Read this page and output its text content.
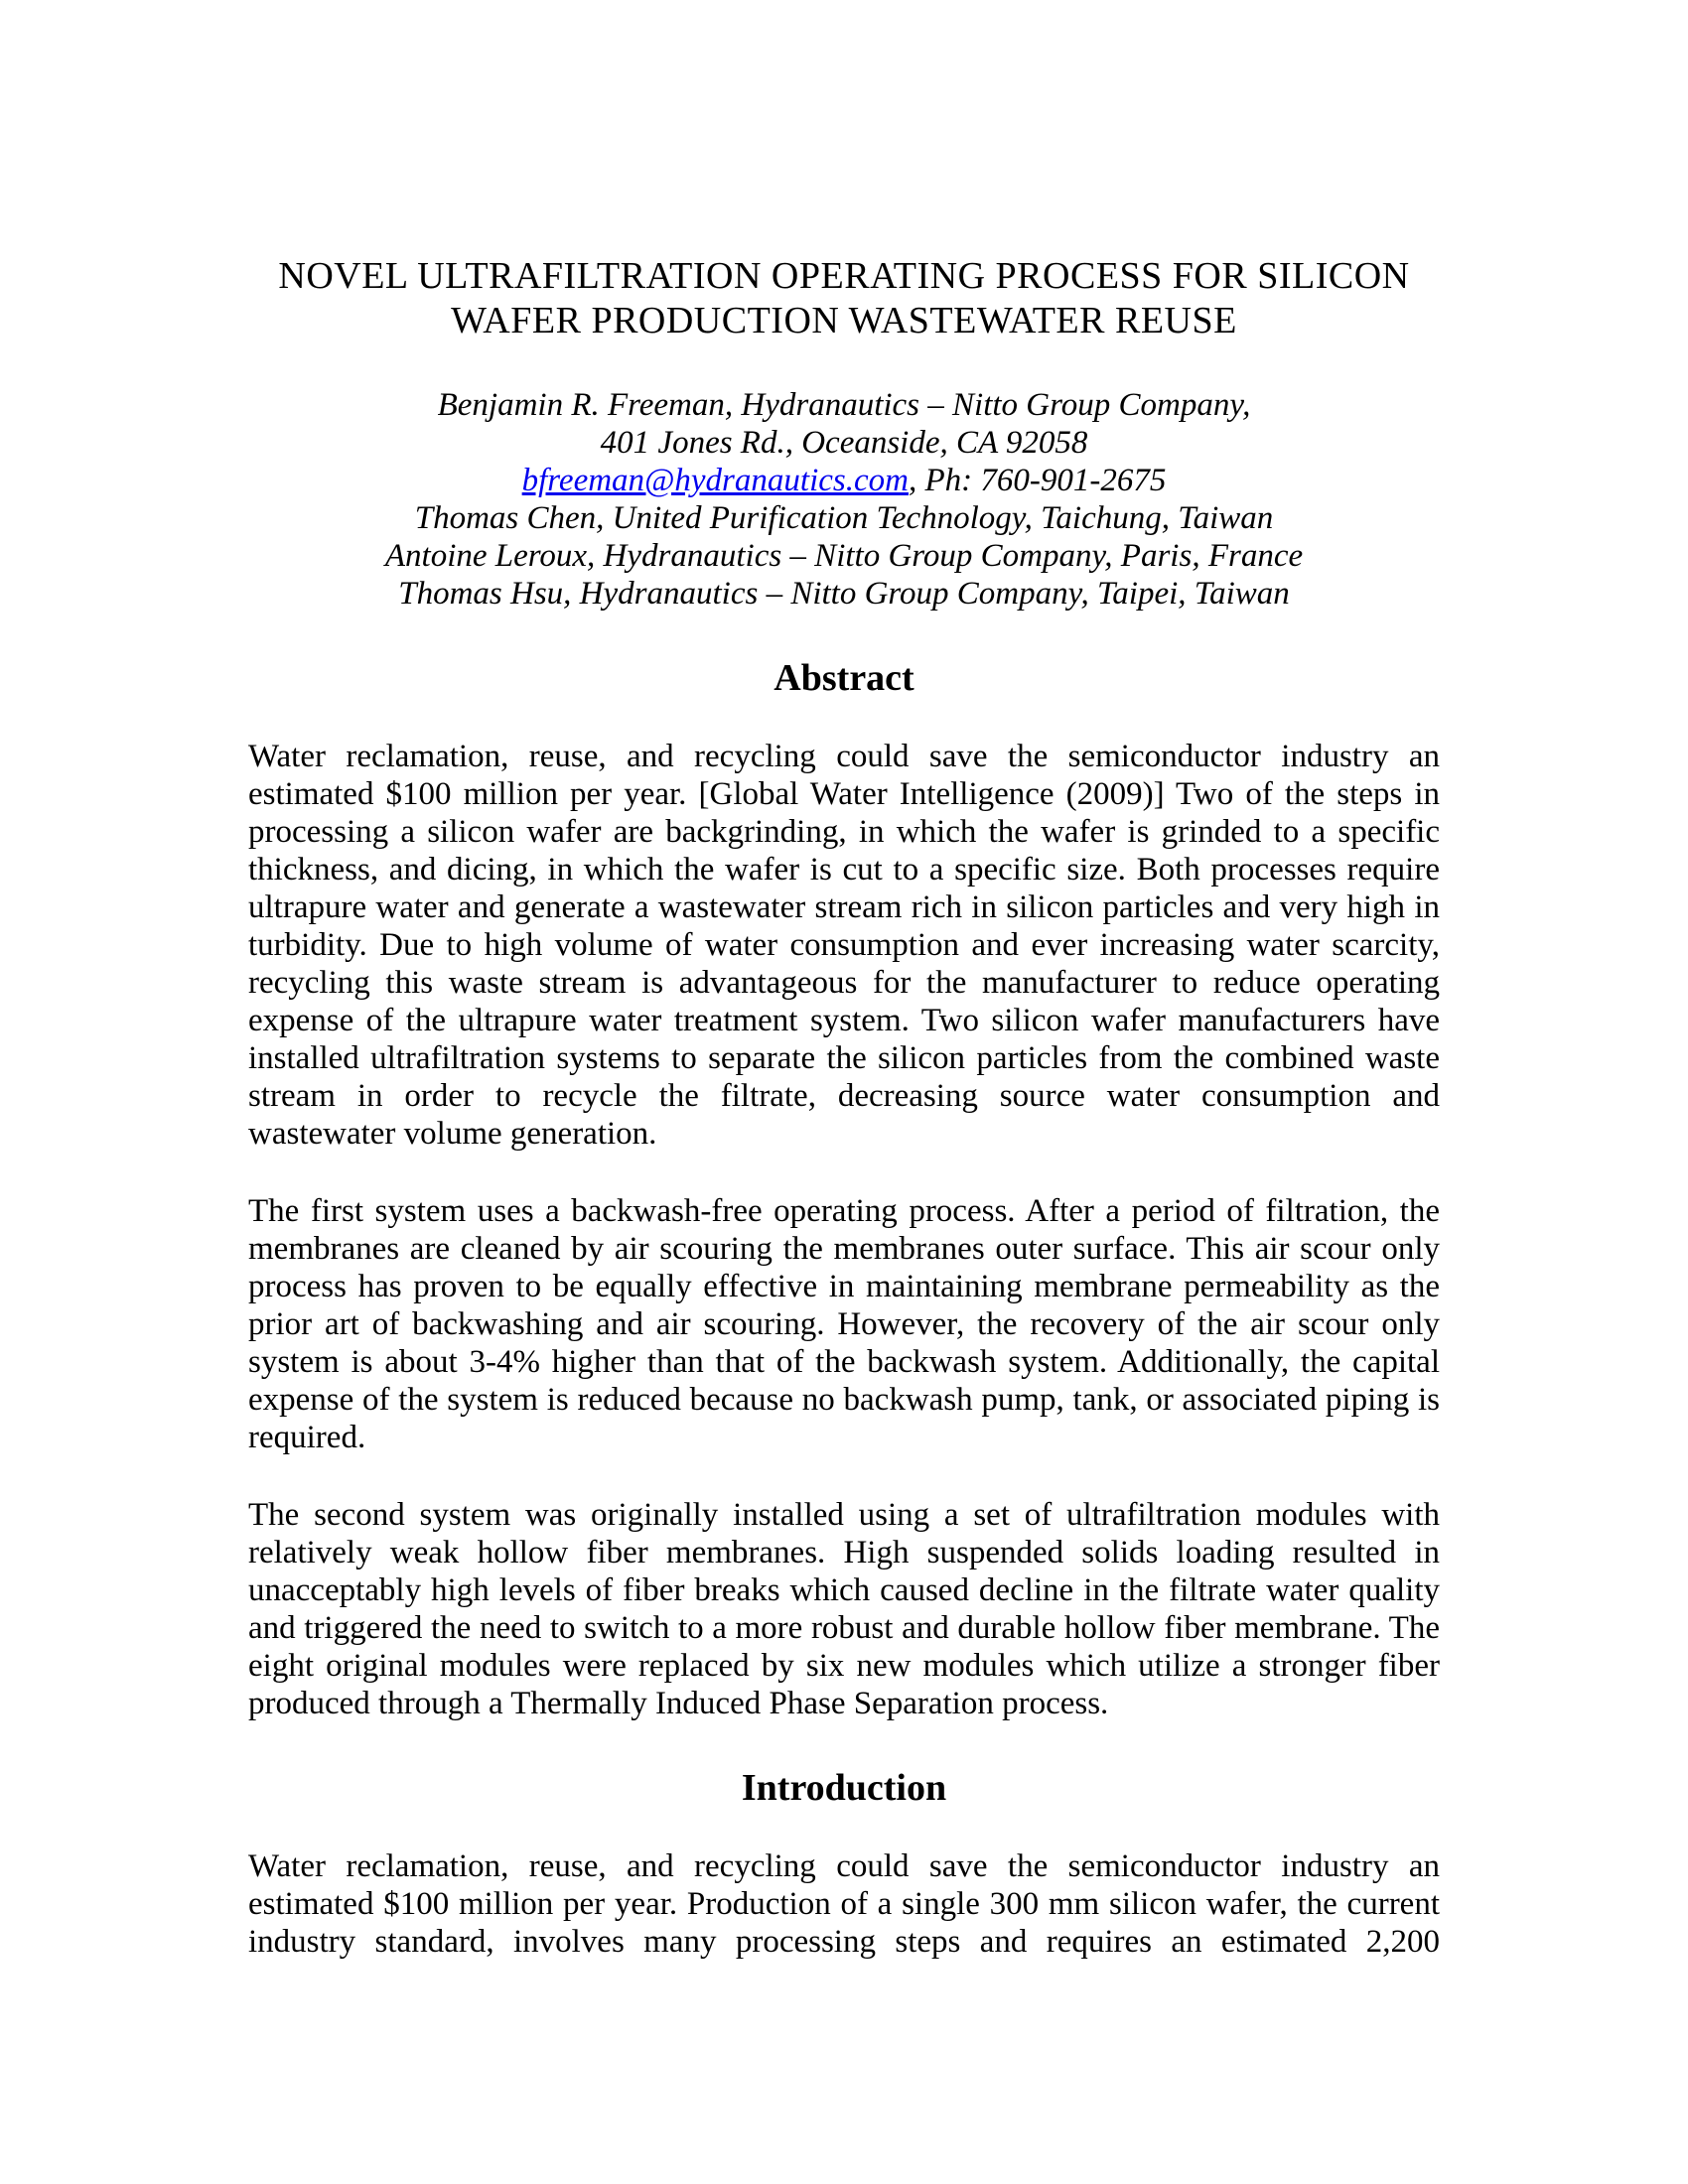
NOVEL ULTRAFILTRATION OPERATING PROCESS FOR SILICON
WAFER PRODUCTION WASTEWATER REUSE
Benjamin R. Freeman, Hydranautics – Nitto Group Company,
401 Jones Rd., Oceanside, CA 92058
bfreeman@hydranautics.com, Ph: 760-901-2675
Thomas Chen, United Purification Technology, Taichung, Taiwan
Antoine Leroux, Hydranautics – Nitto Group Company, Paris, France
Thomas Hsu, Hydranautics – Nitto Group Company, Taipei, Taiwan
Abstract

Water reclamation, reuse, and recycling could save the semiconductor industry an estimated $100 million per year. [Global Water Intelligence (2009)] Two of the steps in processing a silicon wafer are backgrinding, in which the wafer is grinded to a specific thickness, and dicing, in which the wafer is cut to a specific size. Both processes require ultrapure water and generate a wastewater stream rich in silicon particles and very high in turbidity. Due to high volume of water consumption and ever increasing water scarcity, recycling this waste stream is advantageous for the manufacturer to reduce operating expense of the ultrapure water treatment system. Two silicon wafer manufacturers have installed ultrafiltration systems to separate the silicon particles from the combined waste stream in order to recycle the filtrate, decreasing source water consumption and wastewater volume generation.

The first system uses a backwash-free operating process. After a period of filtration, the membranes are cleaned by air scouring the membranes outer surface. This air scour only process has proven to be equally effective in maintaining membrane permeability as the prior art of backwashing and air scouring. However, the recovery of the air scour only system is about 3-4% higher than that of the backwash system. Additionally, the capital expense of the system is reduced because no backwash pump, tank, or associated piping is required.

The second system was originally installed using a set of ultrafiltration modules with relatively weak hollow fiber membranes. High suspended solids loading resulted in unacceptably high levels of fiber breaks which caused decline in the filtrate water quality and triggered the need to switch to a more robust and durable hollow fiber membrane. The eight original modules were replaced by six new modules which utilize a stronger fiber produced through a Thermally Induced Phase Separation process.

Introduction

Water reclamation, reuse, and recycling could save the semiconductor industry an estimated $100 million per year. Production of a single 300 mm silicon wafer, the current industry standard, involves many processing steps and requires an estimated 2,200
